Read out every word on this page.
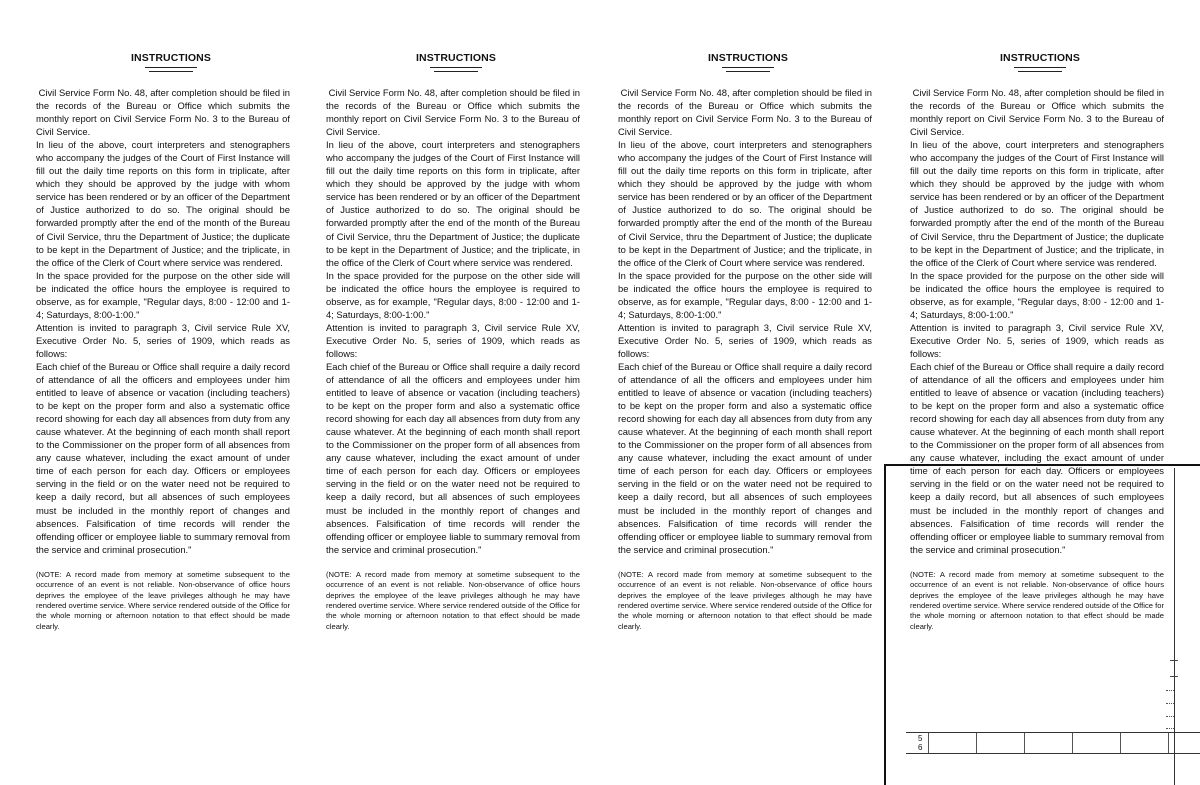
INSTRUCTIONS

Civil Service Form No. 48, after completion should be filed in the records of the Bureau or Office which submits the monthly report on Civil Service Form No. 3 to the Bureau of Civil Service.

In lieu of the above, court interpreters and stenographers who accompany the judges of the Court of First Instance will fill out the daily time reports on this form in triplicate, after which they should be approved by the judge with whom service has been rendered or by an officer of the Department of Justice authorized to do so. The original should be forwarded promptly after the end of the month of the Bureau of Civil Service, thru the Department of Justice; the duplicate to be kept in the Department of Justice; and the triplicate, in the office of the Clerk of Court where service was rendered.

In the space provided for the purpose on the other side will be indicated the office hours the employee is required to observe, as for example, "Regular days, 8:00 - 12:00 and 1-4; Saturdays, 8:00-1:00."

Attention is invited to paragraph 3, Civil service Rule XV, Executive Order No. 5, series of 1909, which reads as follows:

Each chief of the Bureau or Office shall require a daily record of attendance of all the officers and employees under him entitled to leave of absence or vacation (including teachers) to be kept on the proper form and also a systematic office record showing for each day all absences from duty from any cause whatever. At the beginning of each month shall report to the Commissioner on the proper form of all absences from any cause whatever, including the exact amount of under time of each person for each day. Officers or employees serving in the field or on the water need not be required to keep a daily record, but all absences of such employees must be included in the monthly report of changes and absences. Falsification of time records will render the offending officer or employee liable to summary removal from the service and criminal prosecution."

(NOTE: A record made from memory at sometime subsequent to the occurrence of an event is not reliable. Non-observance of office hours deprives the employee of the leave privileges although he may have rendered overtime service. Where service rendered outside of the Office for the whole morning or afternoon notation to that effect should be made clearly.
INSTRUCTIONS

Civil Service Form No. 48, after completion should be filed in the records of the Bureau or Office which submits the monthly report on Civil Service Form No. 3 to the Bureau of Civil Service.

In lieu of the above, court interpreters and stenographers who accompany the judges of the Court of First Instance will fill out the daily time reports on this form in triplicate, after which they should be approved by the judge with whom service has been rendered or by an officer of the Department of Justice authorized to do so. The original should be forwarded promptly after the end of the month of the Bureau of Civil Service, thru the Department of Justice; the duplicate to be kept in the Department of Justice; and the triplicate, in the office of the Clerk of Court where service was rendered.

In the space provided for the purpose on the other side will be indicated the office hours the employee is required to observe, as for example, "Regular days, 8:00 - 12:00 and 1-4; Saturdays, 8:00-1:00."

Attention is invited to paragraph 3, Civil service Rule XV, Executive Order No. 5, series of 1909, which reads as follows:

Each chief of the Bureau or Office shall require a daily record of attendance of all the officers and employees under him entitled to leave of absence or vacation (including teachers) to be kept on the proper form and also a systematic office record showing for each day all absences from duty from any cause whatever. At the beginning of each month shall report to the Commissioner on the proper form of all absences from any cause whatever, including the exact amount of under time of each person for each day. Officers or employees serving in the field or on the water need not be required to keep a daily record, but all absences of such employees must be included in the monthly report of changes and absences. Falsification of time records will render the offending officer or employee liable to summary removal from the service and criminal prosecution."

(NOTE: A record made from memory at sometime subsequent to the occurrence of an event is not reliable. Non-observance of office hours deprives the employee of the leave privileges although he may have rendered overtime service. Where service rendered outside of the Office for the whole morning or afternoon notation to that effect should be made clearly.
INSTRUCTIONS

Civil Service Form No. 48, after completion should be filed in the records of the Bureau or Office which submits the monthly report on Civil Service Form No. 3 to the Bureau of Civil Service.

In lieu of the above, court interpreters and stenographers who accompany the judges of the Court of First Instance will fill out the daily time reports on this form in triplicate, after which they should be approved by the judge with whom service has been rendered or by an officer of the Department of Justice authorized to do so. The original should be forwarded promptly after the end of the month of the Bureau of Civil Service, thru the Department of Justice; the duplicate to be kept in the Department of Justice; and the triplicate, in the office of the Clerk of Court where service was rendered.

In the space provided for the purpose on the other side will be indicated the office hours the employee is required to observe, as for example, "Regular days, 8:00 - 12:00 and 1-4; Saturdays, 8:00-1:00."

Attention is invited to paragraph 3, Civil service Rule XV, Executive Order No. 5, series of 1909, which reads as follows:

Each chief of the Bureau or Office shall require a daily record of attendance of all the officers and employees under him entitled to leave of absence or vacation (including teachers) to be kept on the proper form and also a systematic office record showing for each day all absences from duty from any cause whatever. At the beginning of each month shall report to the Commissioner on the proper form of all absences from any cause whatever, including the exact amount of under time of each person for each day. Officers or employees serving in the field or on the water need not be required to keep a daily record, but all absences of such employees must be included in the monthly report of changes and absences. Falsification of time records will render the offending officer or employee liable to summary removal from the service and criminal prosecution."

(NOTE: A record made from memory at sometime subsequent to the occurrence of an event is not reliable. Non-observance of office hours deprives the employee of the leave privileges although he may have rendered overtime service. Where service rendered outside of the Office for the whole morning or afternoon notation to that effect should be made clearly.
5
6
INSTRUCTIONS

Civil Service Form No. 48, after completion should be filed in the records of the Bureau or Office which submits the monthly report on Civil Service Form No. 3 to the Bureau of Civil Service.

In lieu of the above, court interpreters and stenographers who accompany the judges of the Court of First Instance will fill out the daily time reports on this form in triplicate, after which they should be approved by the judge with whom service has been rendered or by an officer of the Department of Justice authorized to do so. The original should be forwarded promptly after the end of the month of the Bureau of Civil Service, thru the Department of Justice; the duplicate to be kept in the Department of Justice; and the triplicate, in the office of the Clerk of Court where service was rendered.

In the space provided for the purpose on the other side will be indicated the office hours the employee is required to observe, as for example, "Regular days, 8:00 - 12:00 and 1-4; Saturdays, 8:00-1:00."

Attention is invited to paragraph 3, Civil service Rule XV, Executive Order No. 5, series of 1909, which reads as follows:

Each chief of the Bureau or Office shall require a daily record of attendance of all the officers and employees under him entitled to leave of absence or vacation (including teachers) to be kept on the proper form and also a systematic office record showing for each day all absences from duty from any cause whatever. At the beginning of each month shall report to the Commissioner on the proper form of all absences from any cause whatever, including the exact amount of under time of each person for each day. Officers or employees serving in the field or on the water need not be required to keep a daily record, but all absences of such employees must be included in the monthly report of changes and absences. Falsification of time records will render the offending officer or employee liable to summary removal from the service and criminal prosecution."

(NOTE: A record made from memory at sometime subsequent to the occurrence of an event is not reliable. Non-observance of office hours deprives the employee of the leave privileges although he may have rendered overtime service. Where service rendered outside of the Office for the whole morning or afternoon notation to that effect should be made clearly.
